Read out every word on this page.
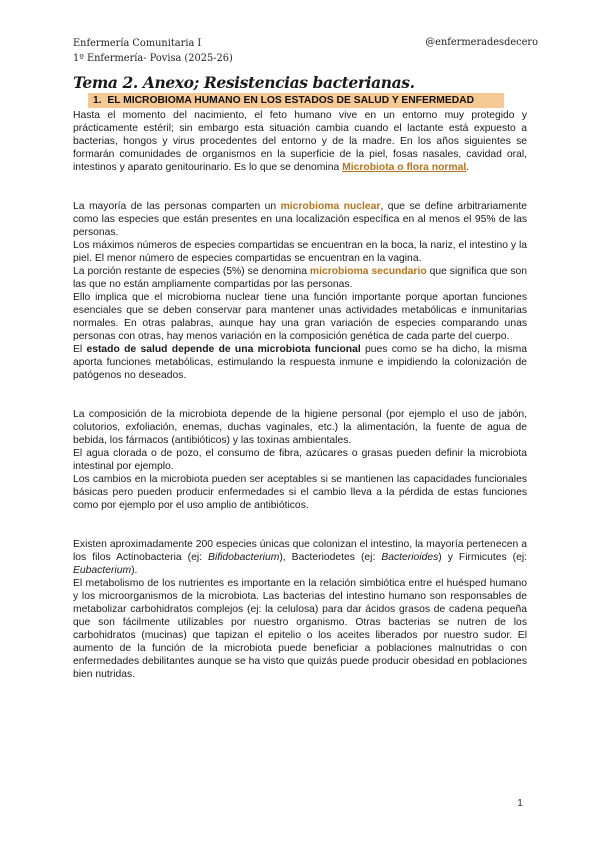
Enfermería Comunitaria I
1º Enfermería- Povisa (2025-26)
@enfermeradesdecero
Tema 2. Anexo; Resistencias bacterianas.
1. EL MICROBIOMA HUMANO EN LOS ESTADOS DE SALUD Y ENFERMEDAD

Hasta el momento del nacimiento, el feto humano vive en un entorno muy protegido y prácticamente estéril; sin embargo esta situación cambia cuando el lactante está expuesto a bacterias, hongos y virus procedentes del entorno y de la madre. En los años siguientes se formarán comunidades de organismos en la superficie de la piel, fosas nasales, cavidad oral, intestinos y aparato genitourinario. Es lo que se denomina Microbiota o flora normal.

La mayoría de las personas comparten un microbioma nuclear, que se define arbitrariamente como las especies que están presentes en una localización específica en al menos el 95% de las personas.

Los máximos números de especies compartidas se encuentran en la boca, la nariz, el intestino y la piel. El menor número de especies compartidas se encuentran en la vagina.

La porción restante de especies (5%) se denomina microbioma secundario que significa que son las que no están ampliamente compartidas por las personas.

Ello implica que el microbioma nuclear tiene una función importante porque aportan funciones esenciales que se deben conservar para mantener unas actividades metabólicas e inmunitarias normales. En otras palabras, aunque hay una gran variación de especies comparando unas personas con otras, hay menos variación en la composición genética de cada parte del cuerpo.

El estado de salud depende de una microbiota funcional pues como se ha dicho, la misma aporta funciones metabólicas, estimulando la respuesta inmune e impidiendo la colonización de patógenos no deseados.

La composición de la microbiota depende de la higiene personal (por ejemplo el uso de jabón, colutorios, exfoliación, enemas, duchas vaginales, etc.) la alimentación, la fuente de agua de bebida, los fármacos (antibióticos) y las toxinas ambientales.

El agua clorada o de pozo, el consumo de fibra, azúcares o grasas pueden definir la microbiota intestinal por ejemplo.

Los cambios en la microbiota pueden ser aceptables si se mantienen las capacidades funcionales básicas pero pueden producir enfermedades si el cambio lleva a la pérdida de estas funciones como por ejemplo por el uso amplio de antibióticos.

Existen aproximadamente 200 especies únicas que colonizan el intestino, la mayoría pertenecen a los filos Actinobacteria (ej: Bifidobacterium), Bacteriodetes (ej: Bacterioides) y Firmicutes (ej: Eubacterium).

El metabolismo de los nutrientes es importante en la relación simbiótica entre el huésped humano y los microorganismos de la microbiota. Las bacterias del intestino humano son responsables de metabolizar carbohidratos complejos (ej: la celulosa) para dar ácidos grasos de cadena pequeña que son fácilmente utilizables por nuestro organismo. Otras bacterias se nutren de los carbohidratos (mucinas) que tapizan el epitelio o los aceites liberados por nuestro sudor. El aumento de la función de la microbiota puede beneficiar a poblaciones malnutridas o con enfermedades debilitantes aunque se ha visto que quizás puede producir obesidad en poblaciones bien nutridas.

1
